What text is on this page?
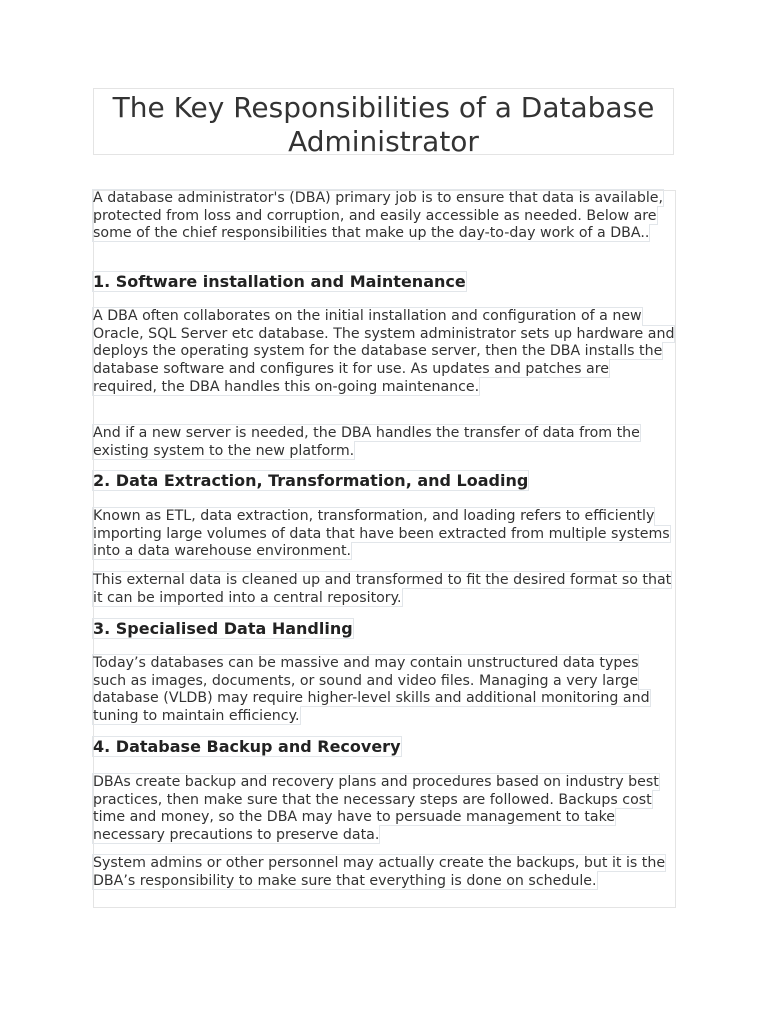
The Key Responsibilities of a Database Administrator

A database administrator's (DBA) primary job is to ensure that data is available, protected from loss and corruption, and easily accessible as needed. Below are some of the chief responsibilities that make up the day-to-day work of a DBA..

1. Software installation and Maintenance

A DBA often collaborates on the initial installation and configuration of a new Oracle, SQL Server etc database. The system administrator sets up hardware and deploys the operating system for the database server, then the DBA installs the database software and configures it for use. As updates and patches are required, the DBA handles this on-going maintenance.

And if a new server is needed, the DBA handles the transfer of data from the existing system to the new platform.

2. Data Extraction, Transformation, and Loading

Known as ETL, data extraction, transformation, and loading refers to efficiently importing large volumes of data that have been extracted from multiple systems into a data warehouse environment.

This external data is cleaned up and transformed to fit the desired format so that it can be imported into a central repository.

3. Specialised Data Handling

Today’s databases can be massive and may contain unstructured data types such as images, documents, or sound and video files. Managing a very large database (VLDB) may require higher-level skills and additional monitoring and tuning to maintain efficiency.

4. Database Backup and Recovery

DBAs create backup and recovery plans and procedures based on industry best practices, then make sure that the necessary steps are followed. Backups cost time and money, so the DBA may have to persuade management to take necessary precautions to preserve data.

System admins or other personnel may actually create the backups, but it is the DBA’s responsibility to make sure that everything is done on schedule.
